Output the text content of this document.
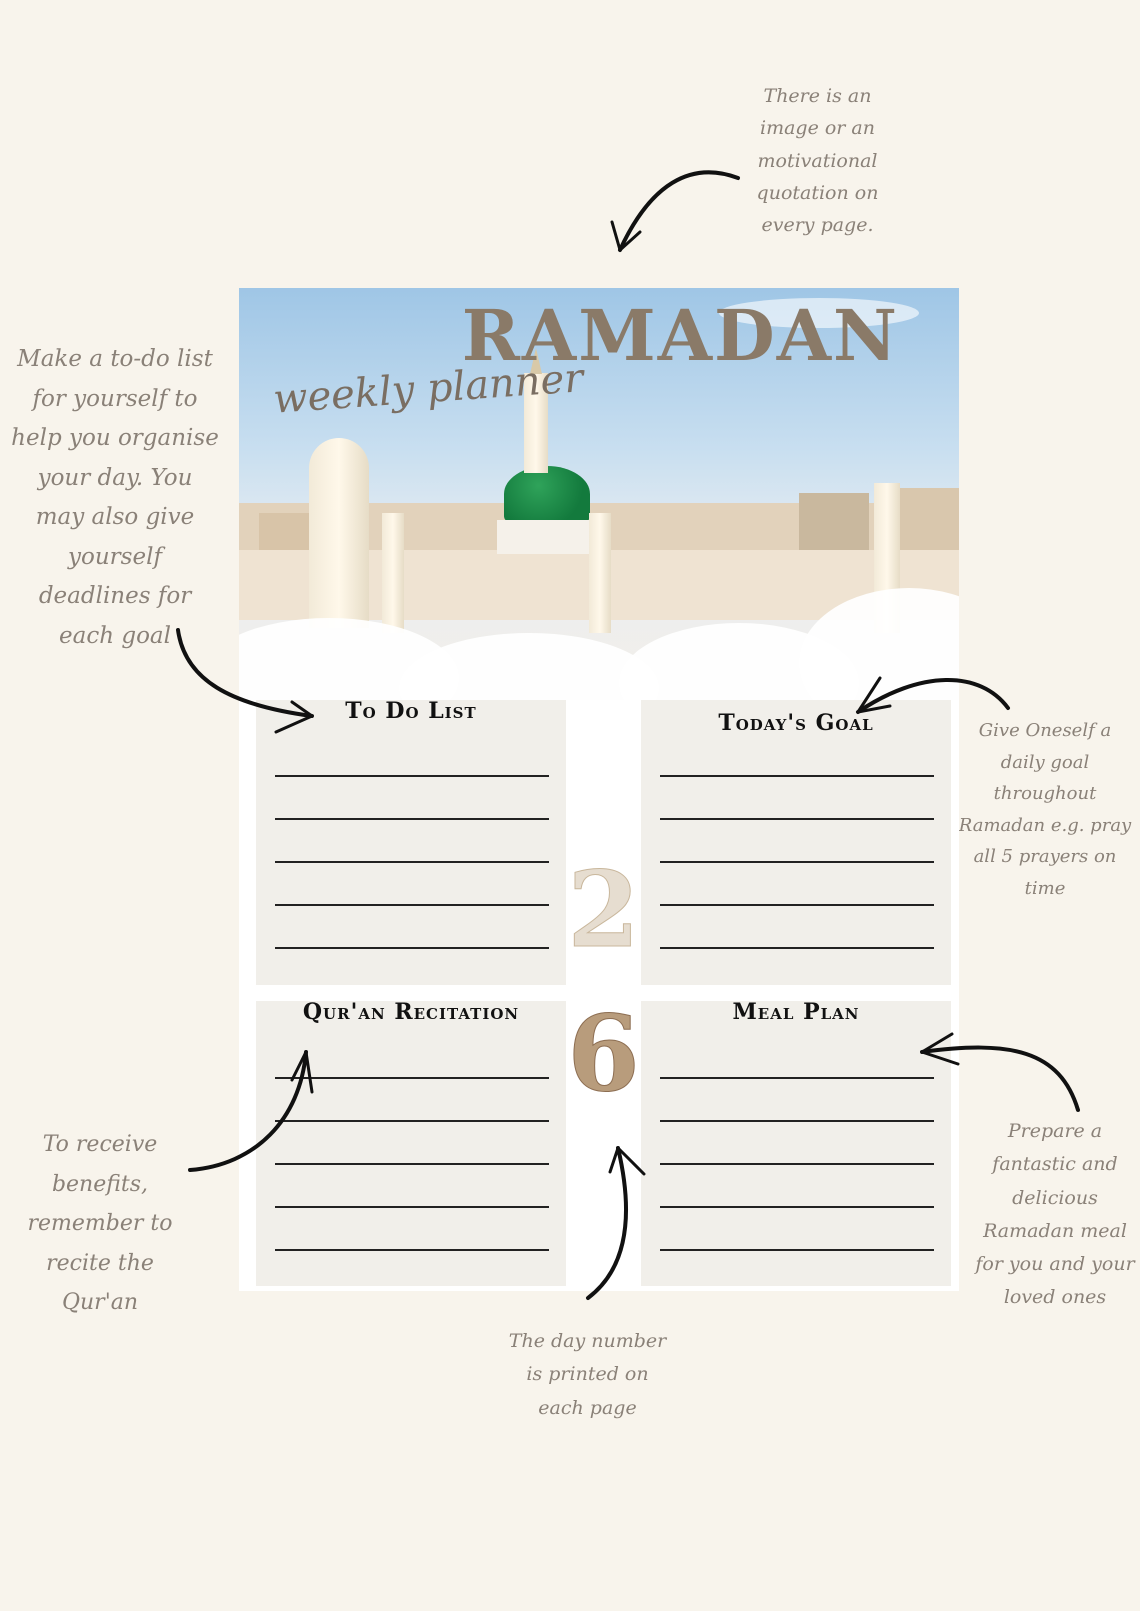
There is an image or an motivational quotation on every page.
Make a to-do list for yourself to help you organise your day. You may also give yourself deadlines for each goal
Give Oneself a daily goal throughout Ramadan e.g. pray all 5 prayers on time
To receive benefits, remember to recite the Qur'an
Prepare a fantastic and delicious Ramadan meal for you and your loved ones
The day number is printed on each page
RAMADAN

weekly planner

To Do List	Today's Goal
2
6
Qur'an Recitation	Meal Plan
